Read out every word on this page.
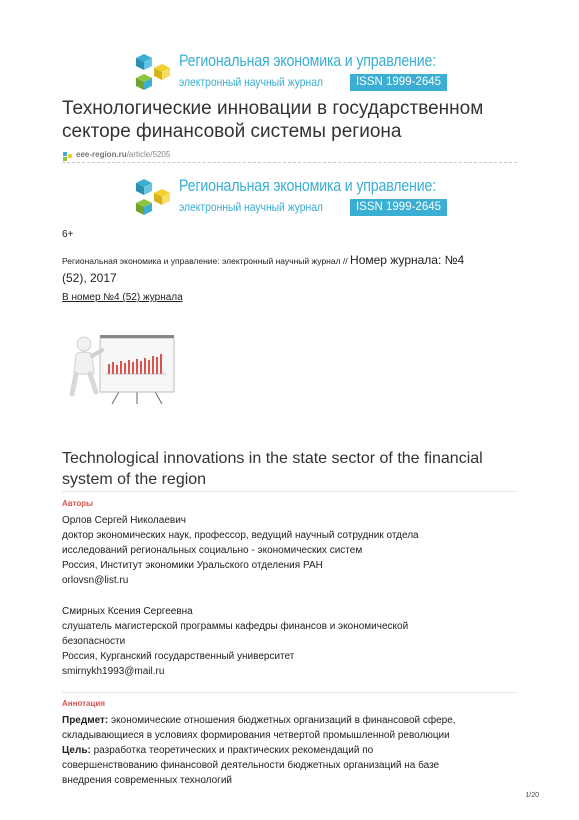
Региональная экономика и управление:
электронный научный журнал	ISSN 1999-2645
Технологические инновации в государственном секторе финансовой системы региона
eee-region.ru/article/5205
Региональная экономика и управление:
электронный научный журнал	ISSN 1999-2645
6+
Региональная экономика и управление: электронный научный журнал // Номер журнала: №4
(52), 2017
В номер №4 (52) журнала
Technological innovations in the state sector of the financial
system of the region
Авторы
Орлов Сергей Николаевич
доктор экономических наук, профессор, ведущий научный сотрудник отдела
исследований региональных социально - экономических систем
Россия, Институт экономики Уральского отделения РАН
orlovsn@list.ru
Смирных Ксения Сергеевна
слушатель магистерской программы кафедры финансов и экономической
безопасности
Россия, Курганский государственный университет
smirnykh1993@mail.ru
Аннотация
Предмет: экономические отношения бюджетных организаций в финансовой сфере,
складывающиеся в условиях формирования четвертой промышленной революции
Цель: разработка теоретических и практических рекомендаций по
совершенствованию финансовой деятельности бюджетных организаций на базе
внедрения современных технологий
1/20
